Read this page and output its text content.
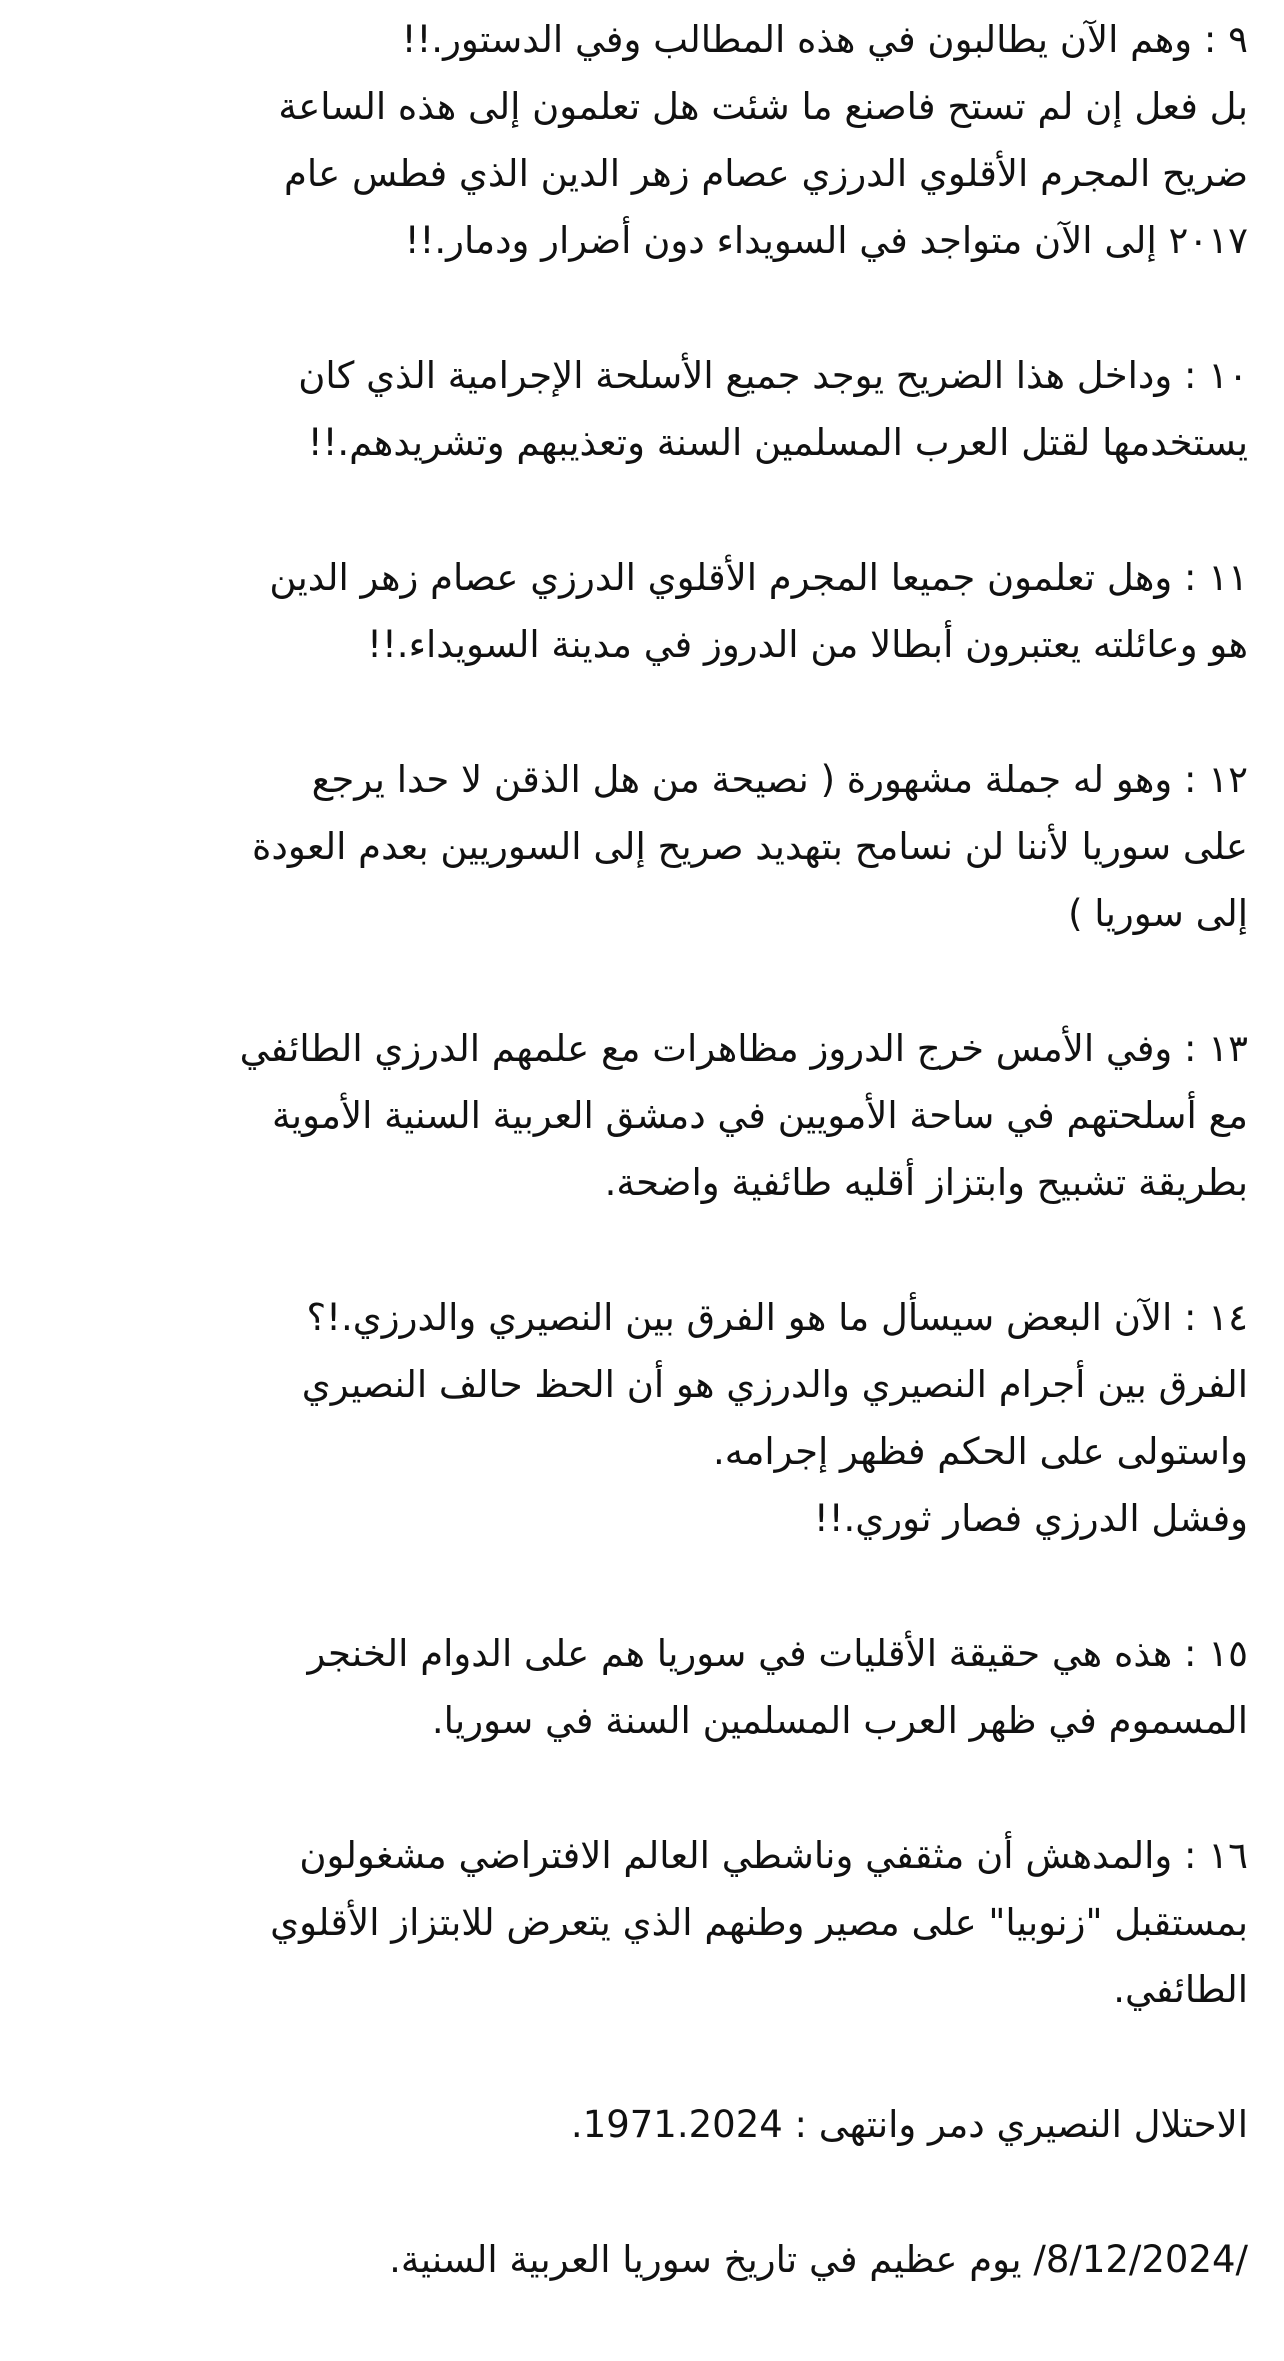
٩ : وهم الآن يطالبون في هذه المطالب وفي الدستور.!!
بل فعل إن لم تستح فاصنع ما شئت هل تعلمون إلى هذه الساعة
ضريح المجرم الأقلوي الدرزي عصام زهر الدين الذي فطس عام
٢٠١٧ إلى الآن متواجد في السويداء دون أضرار ودمار.!!
١٠ : وداخل هذا الضريح يوجد جميع الأسلحة الإجرامية الذي كان
يستخدمها لقتل العرب المسلمين السنة وتعذيبهم وتشريدهم.!!
١١ : وهل تعلمون جميعا المجرم الأقلوي الدرزي عصام زهر الدين
هو وعائلته يعتبرون أبطالا من الدروز في مدينة السويداء.!!
١٢ : وهو له جملة مشهورة ( نصيحة من هل الذقن لا حدا يرجع
على سوريا لأننا لن نسامح بتهديد صريح إلى السوريين بعدم العودة
إلى سوريا )
١٣ : وفي الأمس خرج الدروز مظاهرات مع علمهم الدرزي الطائفي
مع أسلحتهم في ساحة الأمويين في دمشق العربية السنية الأموية
بطريقة تشبيح وابتزاز أقليه طائفية واضحة.
١٤ : الآن البعض سيسأل ما هو الفرق بين النصيري والدرزي.!؟
الفرق بين أجرام النصيري والدرزي هو أن الحظ حالف النصيري
واستولى على الحكم فظهر إجرامه.
وفشل الدرزي فصار ثوري.!!
١٥ : هذه هي حقيقة الأقليات في سوريا هم على الدوام الخنجر
المسموم في ظهر العرب المسلمين السنة في سوريا.
١٦ : والمدهش أن مثقفي وناشطي العالم الافتراضي مشغولون
بمستقبل "زنوبيا" على مصير وطنهم الذي يتعرض للابتزاز الأقلوي
الطائفي.
الاحتلال النصيري دمر وانتهى : 1971.2024.
/8/12/2024/ يوم عظيم في تاريخ سوريا العربية السنية.
